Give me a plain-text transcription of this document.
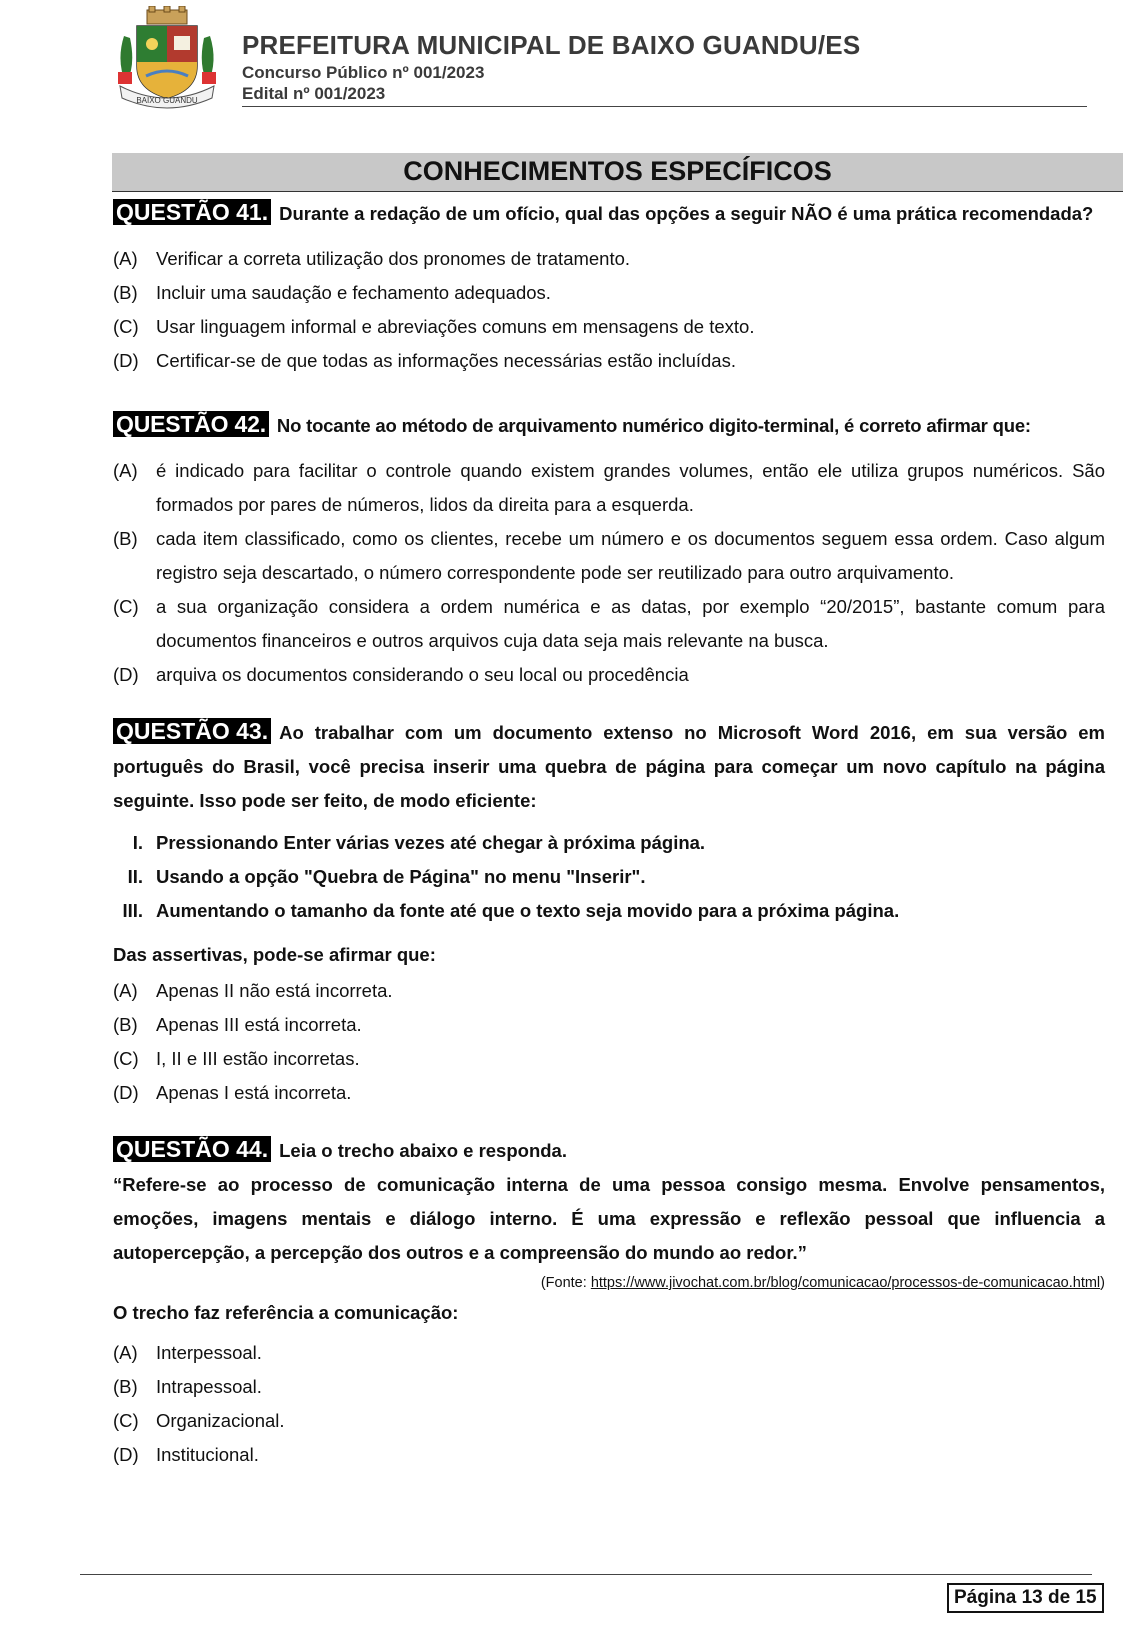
BAIXO GUANDU
PREFEITURA MUNICIPAL DE BAIXO GUANDU/ES
Concurso Público nº 001/2023
Edital nº 001/2023
CONHECIMENTOS ESPECÍFICOS
QUESTÃO 41. Durante a redação de um ofício, qual das opções a seguir NÃO é uma prática recomendada?
(A) Verificar a correta utilização dos pronomes de tratamento.
(B) Incluir uma saudação e fechamento adequados.
(C) Usar linguagem informal e abreviações comuns em mensagens de texto.
(D) Certificar-se de que todas as informações necessárias estão incluídas.
QUESTÃO 42. No tocante ao método de arquivamento numérico digito-terminal, é correto afirmar que:
(A) é indicado para facilitar o controle quando existem grandes volumes, então ele utiliza grupos numéricos. São formados por pares de números, lidos da direita para a esquerda.
(B) cada item classificado, como os clientes, recebe um número e os documentos seguem essa ordem. Caso algum registro seja descartado, o número correspondente pode ser reutilizado para outro arquivamento.
(C) a sua organização considera a ordem numérica e as datas, por exemplo “20/2015”, bastante comum para documentos financeiros e outros arquivos cuja data seja mais relevante na busca.
(D) arquiva os documentos considerando o seu local ou procedência
QUESTÃO 43. Ao trabalhar com um documento extenso no Microsoft Word 2016, em sua versão em português do Brasil, você precisa inserir uma quebra de página para começar um novo capítulo na página seguinte. Isso pode ser feito, de modo eficiente:
I. Pressionando Enter várias vezes até chegar à próxima página.
II. Usando a opção "Quebra de Página" no menu "Inserir".
III. Aumentando o tamanho da fonte até que o texto seja movido para a próxima página.
Das assertivas, pode-se afirmar que:
(A) Apenas II não está incorreta.
(B) Apenas III está incorreta.
(C) I, II e III estão incorretas.
(D) Apenas I está incorreta.
QUESTÃO 44. Leia o trecho abaixo e responda.
“Refere-se ao processo de comunicação interna de uma pessoa consigo mesma. Envolve pensamentos, emoções, imagens mentais e diálogo interno. É uma expressão e reflexão pessoal que influencia a autopercepção, a percepção dos outros e a compreensão do mundo ao redor.”
(Fonte: https://www.jivochat.com.br/blog/comunicacao/processos-de-comunicacao.html)
O trecho faz referência a comunicação:
(A) Interpessoal.
(B) Intrapessoal.
(C) Organizacional.
(D) Institucional.
Página 13 de 15
